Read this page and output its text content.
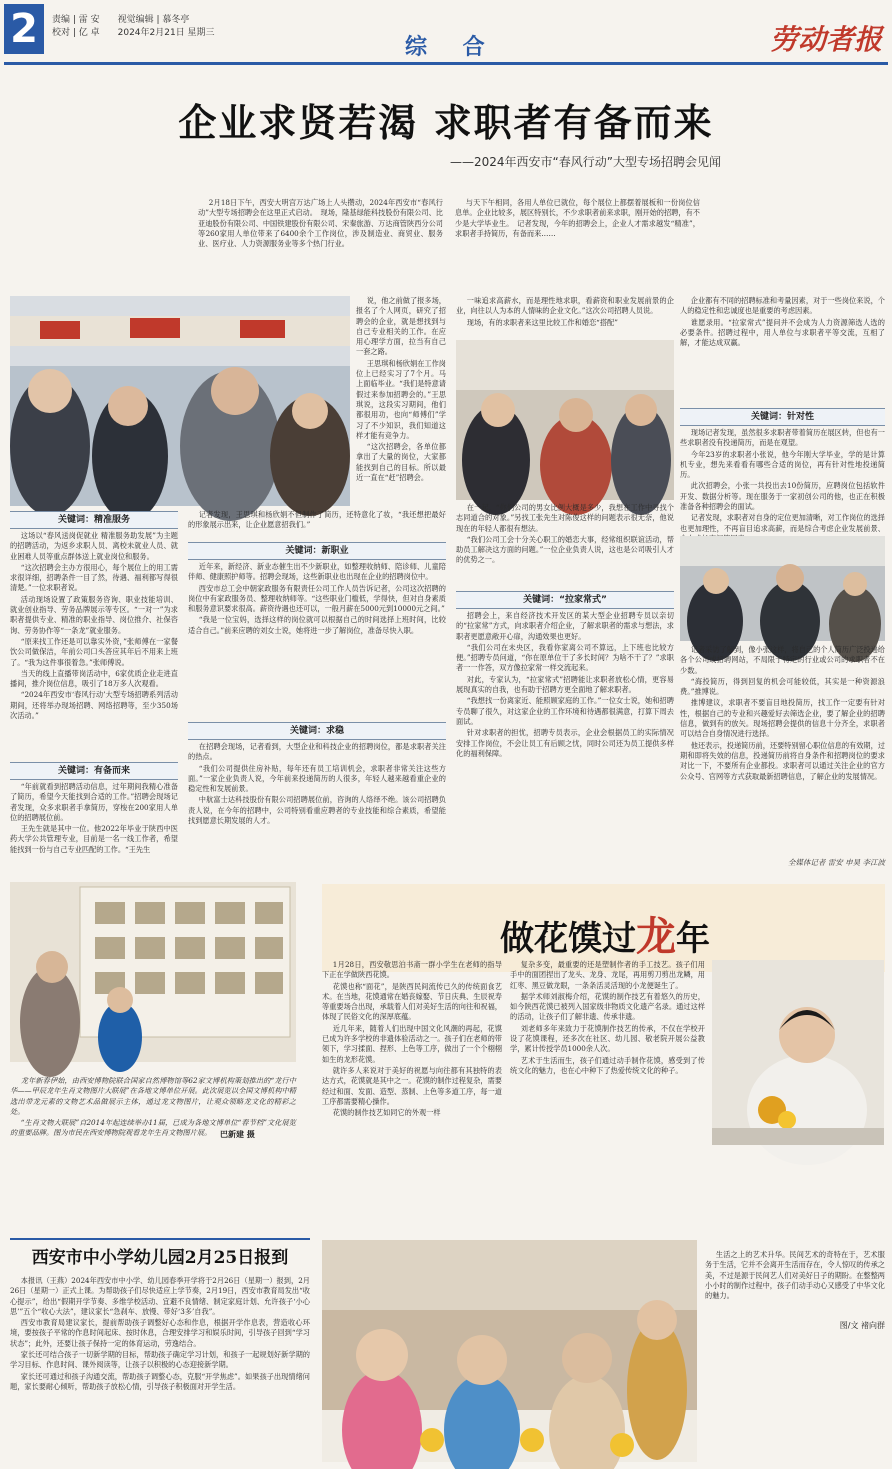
2	责编 | 雷 安　　视觉编辑 | 慕冬亭
校对 | 亿 卓　　2024年2月21日 星期三
综 合	劳动者报
企业求贤若渴 求职者有备而来
——2024年西安市“春风行动”大型专场招聘会见闻

2月18日下午，西安大明宫万达广场上人头攒动，2024年西安市“春风行动”大型专场招聘会在这里正式启动。　现场，隆基绿能科技股份有限公司、比亚迪股份有限公司、中国铁建股份有限公司、宋秦旅游、万达商管陕西分公司等260家用人单位带来了6400余个工作岗位，涉及制造业、商贸业、服务业、医疗业、人力资源服务业等多个热门行业。

与天下午相同，各用人单位已就位，每个展位上都摆着展板和一份岗位信息单。企业比较多，展区特别长，不少求职者前来求职，刚开始的招聘，有不少是大学毕业生。　记者发现，今年的招聘会上，企业人才需求越发“精准”，求职者手持简历，有备而来……

关键词：精准服务

这场以“春风送岗促就业 精准服务助发展”为主题的招聘活动，为返乡求职人员、离校未就业人员、就业困难人员等重点群体送上就业岗位和服务。

“这次招聘会主办方很用心，每个展位上的用工需求很详细，招聘条件一目了然，待遇、福利都写得很清楚。”一位求职者说。

活动现场设置了政策服务咨询、职业技能培训、就业创业指导、劳务品牌展示等专区。“一对一”为求职者提供专业、精准的职业指导、岗位推介、社保咨询、劳务协作等“一条龙”就业服务。

“原来找工作还是可以靠实外资，”张师傅在一家餐饮公司做保洁，年前公司口头答应其年后不用来上班了。“我为这件事很着急。”张师傅说。

当天的线上直播带岗活动中，6家优质企业走进直播间，推介岗位信息，吸引了18万多人次观看。

“2024年西安市‘春风行动’大型专场招聘系列活动期间，还将举办现场招聘、网络招聘等，至少350场次活动。”

关键词：有备而来

“年前就看到招聘活动信息，过年期间我精心准备了简历，希望今天能找到合适的工作。”招聘会现场记者发现，众多求职者手拿简历，穿梭在200家用人单位的招聘展位前。

王先生就是其中一位。他2022年毕业于陕西中医药大学公共管理专业，目前是一名一线工作者，希望能找到一份与自己专业匹配的工作。“王先生

说，他之前做了报多场，报名了个人网页，研究了招聘会的企业，就是想找到与自己专业相关的工作。在应用心理学方面，拉当有自己一套之路。

王思琪和杨欣娟在工作岗位上已经实习了7个月。马上面临毕业。“我们是特意请假过来参加招聘会的。”王思琪说，这段实习期间，他们都很用功，也向“师傅们”学习了不少知识，我们知道这样才能有竞争力。

“这次招聘会，各单位都拿出了大量的岗位，大家都能找到自己的目标。所以最近一直在“赶”招聘会。

记者发现，王思琪和杨欣娟不但制作了简历，还特意化了妆，“我还想把最好的形象展示出来，让企业愿意招我们。”

关键词：新职业

近年来，新经济、新业态催生出不少新职业，如整理收纳师、陪诊师、儿童陪伴师、健康照护师等。招聘会现场，这些新职业也出现在企业的招聘岗位中。

西安市总工会中朝家政服务有限责任公司工作人员告诉记者，公司这次招聘的岗位中有家政服务员、整理收纳师等。“这些职业门槛低，学得快，但对自身素质和服务意识要求很高。薪资待遇也还可以，一般月薪在5000元到10000元之间。”

“我是一位宝妈，选择这样的岗位就可以根据自己的时间选择上班时间，比较适合自己。”前来应聘的刘女士说，她将进一步了解岗位，准备尽快入职。

关键词：求稳

在招聘会现场，记者看到，大型企业和科技企业的招聘岗位，都是求职者关注的热点。

“我们公司提供住房补贴，每年还有员工培训机会，求职者非常关注这些方面。”一家企业负责人说，今年前来投递简历的人很多，年轻人越来越看重企业的稳定性和发展前景。

中航富士达科技股份有限公司招聘展位前，咨询的人络绎不绝。该公司招聘负责人说，在今年的招聘中，公司特别看重应聘者的专业技能和综合素质，希望能找到愿意长期发展的人才。

一味追求高薪水，而是理性地求职，看薪资和职业发展前景的企业，向往以人为本的人情味的企业文化。”这次公司招聘人员说。

现场，有的求职者来这里比较工作和婚恋“搭配”

在一起，“你们公司的男女比例大概是多少，我想在工作中寻找个志同道合的对象。”另找工张先生对陈俊这样的问题表示很无奈，他说现在的年轻人都很有想法。

“我们公司工会十分关心职工的婚恋大事，经常组织联谊活动，帮助员工解决这方面的问题。”一位企业负责人说，这也是公司吸引人才的优势之一。

关键词：“拉家常式”

招聘会上，来自经济技术开发区的某大型企业招聘专员以亲切的“拉家常”方式，向求职者介绍企业，了解求职者的需求与想法，求职者更愿意敞开心扉，沟通效果也更好。

“我们公司在未央区，我看你家离公司不算远，上下班也比较方便。”招聘专员问道，“你在原单位干了多长时间？为啥不干了？”求职者一一作答，双方像拉家常一样交流起来。

对此，专家认为，“拉家常式”招聘能让求职者放松心情，更容易展现真实的自我，也有助于招聘方更全面地了解求职者。

“我想找一份离家近、能照顾家庭的工作。”一位女士说，她和招聘专员聊了很久，对这家企业的工作环境和待遇都很满意，打算下周去面试。

针对求职者的担忧，招聘专员表示，企业会根据员工的实际情况安排工作岗位，不会让员工有后顾之忧，同时公司还为员工提供多样化的福利保障。

企业都有不同的招聘标准和考量因素，对于一些岗位来说，个人的稳定性和忠诚度也是重要的考虑因素。

谁愿录用。“拉家常式”提问并不会成为人力资源筛选人选的必要条件。招聘过程中，用人单位与求职者平等交流，互相了解，才能达成双赢。

关键词：针对性

现场记者发现，虽然很多求职者带着简历在展区转，但也有一些求职者没有投递简历，而是在观望。

今年23岁的求职者小张说，他今年刚大学毕业，学的是计算机专业，想先来看看有哪些合适的岗位，再有针对性地投递简历。

此次招聘会，小张一共投出去10份简历，应聘岗位包括软件开发、数据分析等。现在服务于一家初创公司的他，也正在积极准备各种招聘会的面试。

记者发现，求职者对自身的定位更加清晰，对工作岗位的选择也更加理性，不再盲目追求高薪，而是综合考虑企业发展前景、

记者采访了解到，像小张这样，将自己的个人简历广泛投递给各个公司或招聘网站，不局限于特定的行业或公司的求职者不在少数。

“海投简历，得到回复的机会可能较低，其实是一种资源浪费。”推博说。

推博建议，求职者不要盲目地投简历，找工作一定要有针对性，根据自己的专业和兴趣爱好去筛选企业，要了解企业的招聘信息，做到有的放矢。现场招聘会提供的信息十分齐全，求职者可以结合自身情况进行选择。

他还表示，投递简历前，还要特别留心职位信息的有效期，过期和即将失效的信息，投递简历前将自身条件和招聘岗位的要求对比一下，不要所有企业都投。求职者可以通过关注企业的官方公众号、官网等方式获取最新招聘信息，了解企业的发展情况。

全媒体记者 雷安 申昊 李江波

龙年新春伊始，由西安博物院联合国家自然博物馆等62家文博机构策划推出的“龙行中华——甲辰龙年生肖文物图片大联展”在各地文博单位开展。此次展览以全国文博机构中精选出带龙元素的文物艺术品做展示主体，通过龙文物图片，让观众领略龙文化的精彩之处。

“生肖文物大联展”自2014年起连续举办11届，已成为各地文博单位“春节档”文化展览的重要品牌。图为市民在西安博物院观看龙年生肖文物图片展。	巴新建 摄
做花馍过龙年

1月28日，西安敬思泊书斋一群小学生在老师的指导下正在学做陕西花馍。

花馍也称“面花”，是陕西民间流传已久的传统面食艺术。在当地，花馍通常在婚丧嫁娶、节日庆典、生辰祝寿等重要场合出现，承载着人们对美好生活的向往和祝福，体现了民俗文化的深厚底蕴。

近几年来，随着人们出现中国文化风潮的再起，花馍已成为许多学校的非遗体验活动之一。孩子们在老师的带领下，学习揉面、捏形、上色等工序，做出了一个个栩栩如生的龙形花馍。

就许多人来说对于美好的祝愿与向往都有其独特的表达方式，花馍就是其中之一。花馍的制作过程复杂，需要经过和面、发面、造型、蒸制、上色等多道工序，每一道工序都需要精心操作。

花馍的制作技艺如同它的外观一样

复杂多变，最重要的还是塑制作者的手工技艺。孩子们用手中的面团捏出了龙头、龙身、龙尾，再用剪刀剪出龙鳞，用红枣、黑豆做龙眼，一条条活灵活现的小龙便诞生了。

据学术师刘淑梅介绍，花馍的制作技艺有着悠久的历史，如今陕西花馍已被列入国家级非物质文化遗产名录。通过这样的活动，让孩子们了解非遗、传承非遗。

刘老师多年来致力于花馍制作技艺的传承，不仅在学校开设了花馍课程，还多次在社区、幼儿园、敬老院开展公益教学，累计传授学员1000余人次。

艺术于生活而生，孩子们通过动手制作花馍，感受到了传统文化的魅力，也在心中种下了热爱传统文化的种子。

生活之上的艺术升华。民间艺术的奇特在于，艺术服务于生活，它并不会离开生活而存在，令人惊叹的传承之美，不过是源于民间艺人们对美好日子的期盼。在整整两小小时的制作过程中，孩子们动手动心又感受了中华文化的魅力。

图/文 褚向群
西安市中小学幼儿园2月25日报到

本报讯（王燕）2024年西安市中小学、幼儿园春季开学将于2月26日（星期一）报到，2月26日（星期一）正式上课。为帮助孩子们尽快适应上学节奏，2月19日，西安市教育局发出“收心提示”，给出“假期开学节奏、多维学校活动、宜避不良情绪、制定家庭计划、允许孩子‘小心思’”五个“收心大法”，建议家长“急刹车、放慢、带好‘3多’自我”。

西安市教育局建议家长，提前帮助孩子调整好心态和作息，根据开学作息表，营造收心环境，要按孩子平常的作息时间起床、按时休息，合理安排学习和娱乐时间，引导孩子回到“学习状态”；此外，还要让孩子保持一定的体育运动，劳逸结合。

家长还可结合孩子一切新学期的目标，帮助孩子确定学习计划，和孩子一起规划好新学期的学习目标、作息时间、课外阅读等，让孩子以积极的心态迎接新学期。

家长还可通过和孩子沟通交流，帮助孩子调整心态，克服“开学焦虑”。如果孩子出现情绪问题，家长要耐心倾听，帮助孩子放松心情，引导孩子积极面对开学生活。
